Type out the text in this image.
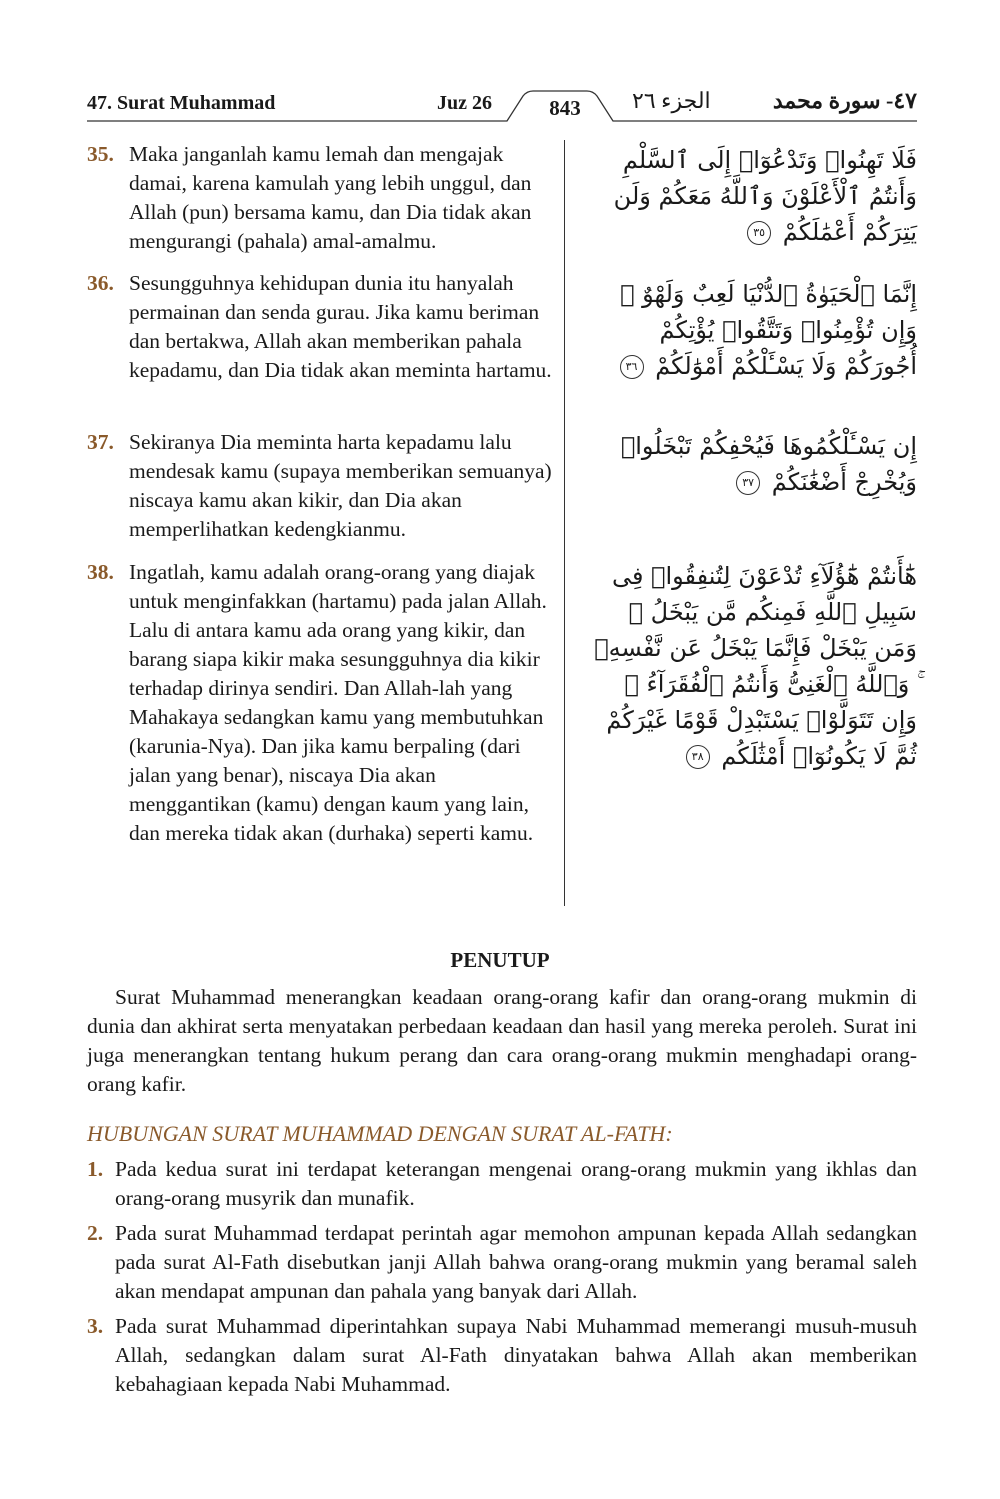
47. Surat Muhammad	Juz 26	843	الجزء ٢٦	٤٧- سورة محمد
35. Maka janganlah kamu lemah dan mengajak damai, karena kamulah yang lebih unggul, dan Allah (pun) bersama kamu, dan Dia tidak akan mengurangi (pahala) amal-amalmu.
فَلَا تَهِنُوا۟ وَتَدْعُوٓا۟ إِلَى ٱلسَّلْمِ وَأَنتُمُ ٱلْأَعْلَوْنَ وَٱللَّهُ مَعَكُمْ وَلَن يَتِرَكُمْ أَعْمَٰلَكُمْ ٣٥
36. Sesungguhnya kehidupan dunia itu hanyalah permainan dan senda gurau. Jika kamu beriman dan bertakwa, Allah akan memberikan pahala kepadamu, dan Dia tidak akan meminta hartamu.
إِنَّمَا ٱلْحَيَوٰةُ ٱلدُّنْيَا لَعِبٌ وَلَهْوٌ ۚ وَإِن تُؤْمِنُوا۟ وَتَتَّقُوا۟ يُؤْتِكُمْ أُجُورَكُمْ وَلَا يَسْـَٔلْكُمْ أَمْوَٰلَكُمْ ٣٦
37. Sekiranya Dia meminta harta kepadamu lalu mendesak kamu (supaya memberikan semuanya) niscaya kamu akan kikir, dan Dia akan memperlihatkan kedengkianmu.
إِن يَسْـَٔلْكُمُوهَا فَيُحْفِكُمْ تَبْخَلُوا۟ وَيُخْرِجْ أَضْغَٰنَكُمْ ٣٧
38. Ingatlah, kamu adalah orang-orang yang diajak untuk menginfakkan (hartamu) pada jalan Allah. Lalu di antara kamu ada orang yang kikir, dan barang siapa kikir maka sesungguhnya dia kikir terhadap dirinya sendiri. Dan Allah-lah yang Mahakaya sedangkan kamu yang membutuhkan (karunia-Nya). Dan jika kamu berpaling (dari jalan yang benar), niscaya Dia akan menggantikan (kamu) dengan kaum yang lain, dan mereka tidak akan (durhaka) seperti kamu.
هَٰٓأَنتُمْ هَٰٓؤُلَآءِ تُدْعَوْنَ لِتُنفِقُوا۟ فِى سَبِيلِ ٱللَّهِ فَمِنكُم مَّن يَبْخَلُ ۖ وَمَن يَبْخَلْ فَإِنَّمَا يَبْخَلُ عَن نَّفْسِهِۦ ۚ وَٱللَّهُ ٱلْغَنِىُّ وَأَنتُمُ ٱلْفُقَرَآءُ ۚ وَإِن تَتَوَلَّوْا۟ يَسْتَبْدِلْ قَوْمًا غَيْرَكُمْ ثُمَّ لَا يَكُونُوٓا۟ أَمْثَٰلَكُم ٣٨
PENUTUP
Surat Muhammad menerangkan keadaan orang-orang kafir dan orang-orang mukmin di dunia dan akhirat serta menyatakan perbedaan keadaan dan hasil yang mereka peroleh. Surat ini juga menerangkan tentang hukum perang dan cara orang-orang mukmin menghadapi orang-orang kafir.
HUBUNGAN SURAT MUHAMMAD DENGAN SURAT AL-FATH:
1. Pada kedua surat ini terdapat keterangan mengenai orang-orang mukmin yang ikhlas dan orang-orang musyrik dan munafik.
2. Pada surat Muhammad terdapat perintah agar memohon ampunan kepada Allah sedangkan pada surat Al-Fath disebutkan janji Allah bahwa orang-orang mukmin yang beramal saleh akan mendapat ampunan dan pahala yang banyak dari Allah.
3. Pada surat Muhammad diperintahkan supaya Nabi Muhammad memerangi musuh-musuh Allah, sedangkan dalam surat Al-Fath dinyatakan bahwa Allah akan memberikan kebahagiaan kepada Nabi Muhammad.
